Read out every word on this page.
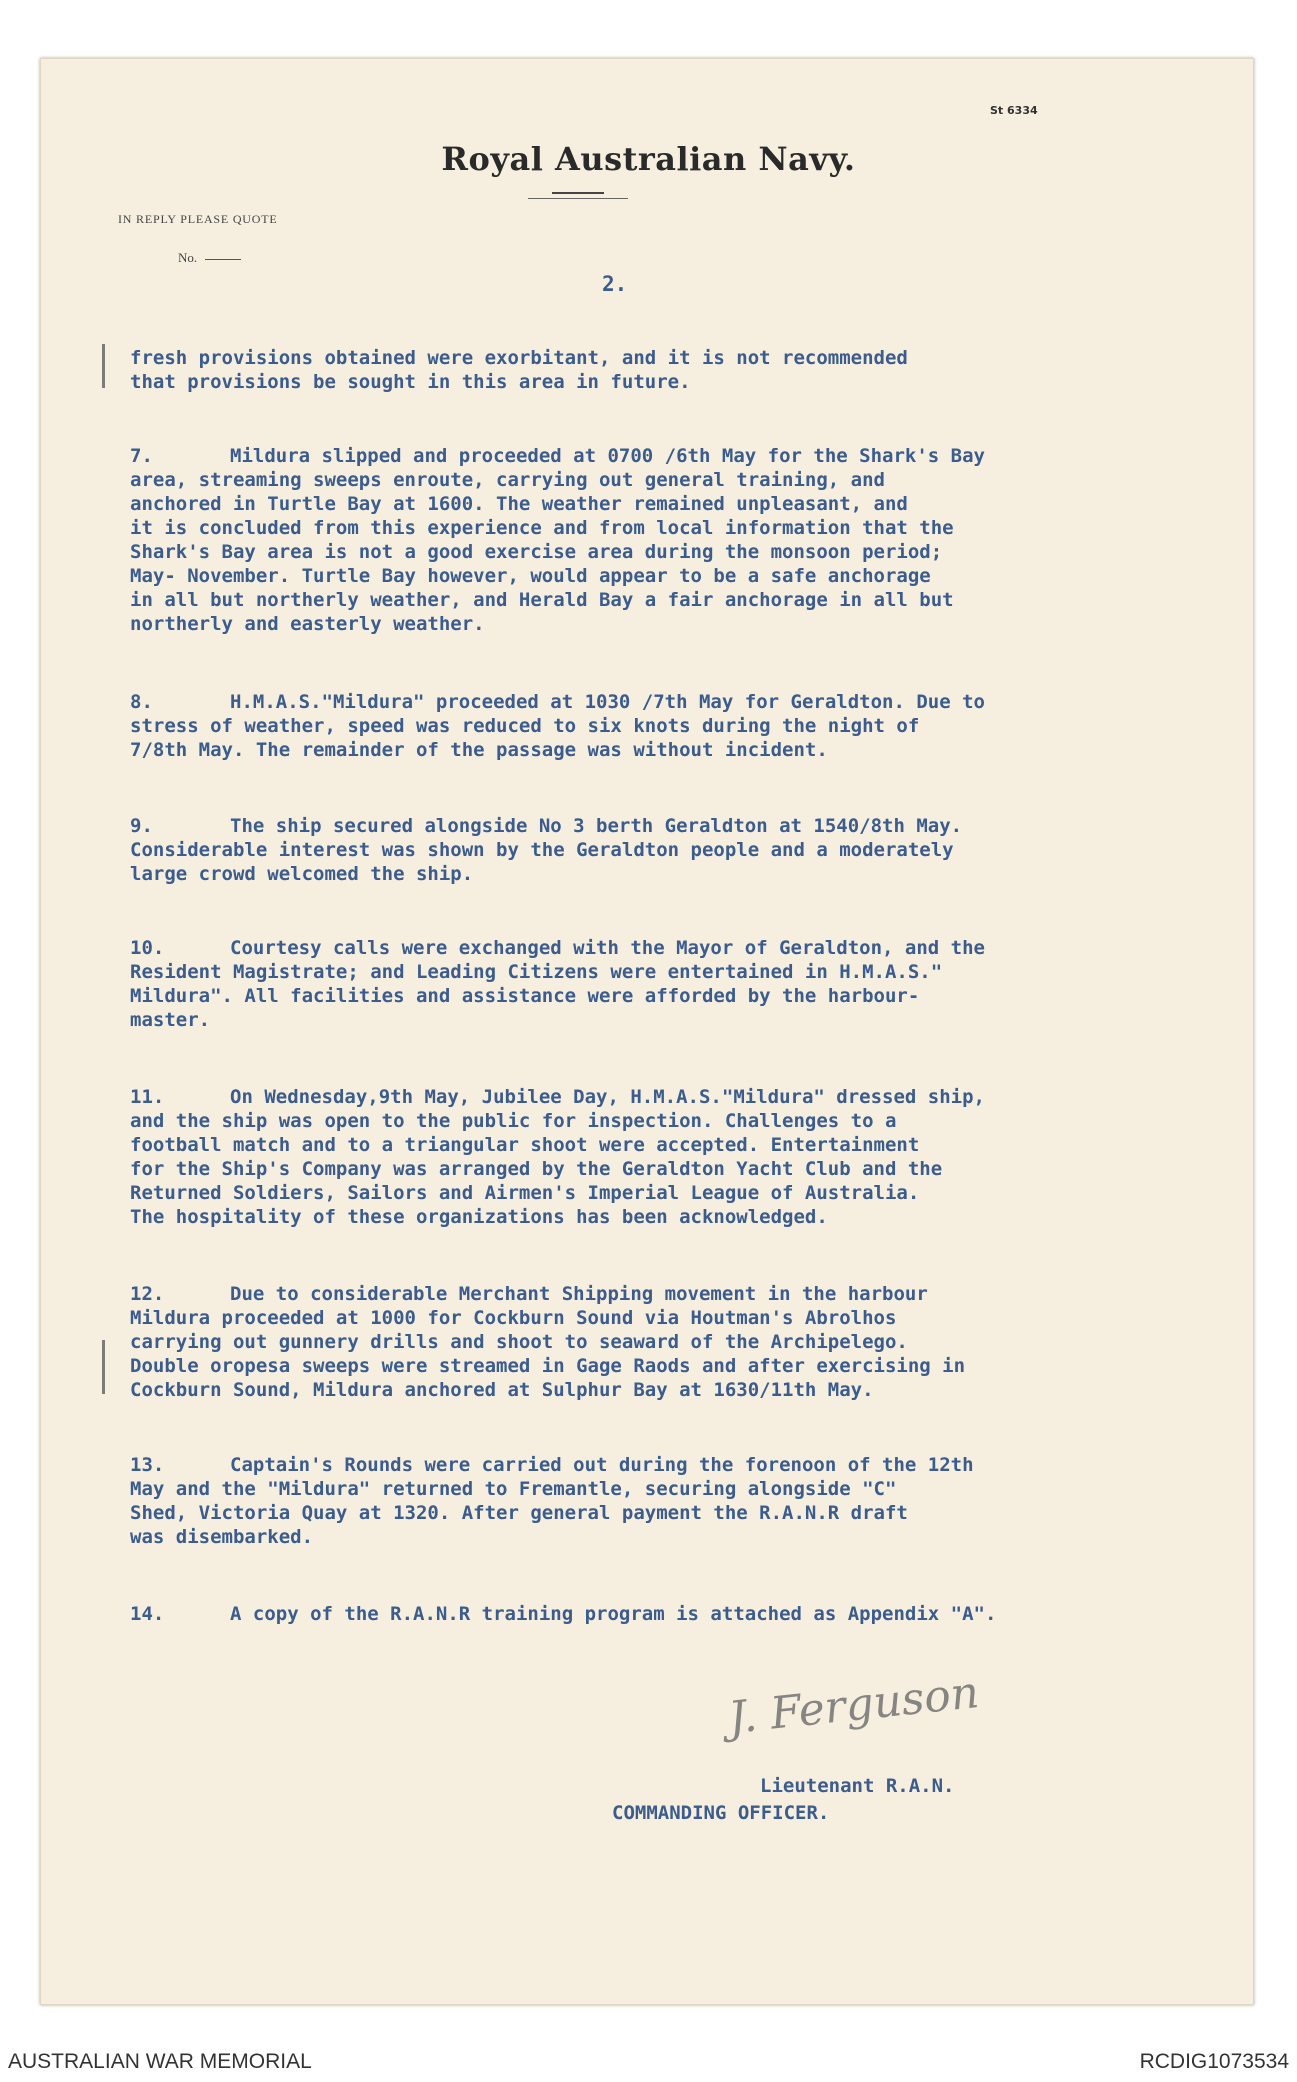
St 6334
Royal Australian Navy.
IN REPLY PLEASE QUOTE
No.
2.
fresh provisions obtained were exorbitant, and it is not recommended
that provisions be sought in this area in future.
7.	Mildura slipped and proceeded at 0700 /6th May for the Shark's Bay
area, streaming sweeps enroute, carrying out general training, and
anchored in Turtle Bay at 1600. The weather remained unpleasant, and
it is concluded from this experience and from local information that the
Shark's Bay area is not a good exercise area during the monsoon period;
May- November. Turtle Bay however, would appear to be a safe anchorage
in all but northerly weather, and Herald Bay a fair anchorage in all but
northerly and easterly weather.
8.	H.M.A.S."Mildura" proceeded at 1030 /7th May for Geraldton. Due to
stress of weather, speed was reduced to six knots during the night of
7/8th May. The remainder of the passage was without incident.
9.	The ship secured alongside No 3 berth Geraldton at 1540/8th May.
Considerable interest was shown by the Geraldton people and a moderately
large crowd welcomed the ship.
10.	Courtesy calls were exchanged with the Mayor of Geraldton, and the
Resident Magistrate; and Leading Citizens were entertained in H.M.A.S."
Mildura". All facilities and assistance were afforded by the harbour-
master.
11.	On Wednesday,9th May, Jubilee Day, H.M.A.S."Mildura" dressed ship,
and the ship was open to the public for inspection. Challenges to a
football match and to a triangular shoot were accepted. Entertainment
for the Ship's Company was arranged by the Geraldton Yacht Club and the
Returned Soldiers, Sailors and Airmen's Imperial League of Australia.
The hospitality of these organizations has been acknowledged.
12.	Due to considerable Merchant Shipping movement in the harbour
Mildura proceeded at 1000 for Cockburn Sound via Houtman's Abrolhos
carrying out gunnery drills and shoot to seaward of the Archipelego.
Double oropesa sweeps were streamed in Gage Raods and after exercising in
Cockburn Sound, Mildura anchored at Sulphur Bay at 1630/11th May.
13.	Captain's Rounds were carried out during the forenoon of the 12th
May and the "Mildura" returned to Fremantle, securing alongside "C"
Shed, Victoria Quay at 1320. After general payment the R.A.N.R draft
was disembarked.
14.	A copy of the R.A.N.R training program is attached as Appendix "A".
J. Ferguson
Lieutenant R.A.N.
COMMANDING OFFICER.
AUSTRALIAN WAR MEMORIAL	RCDIG1073534
